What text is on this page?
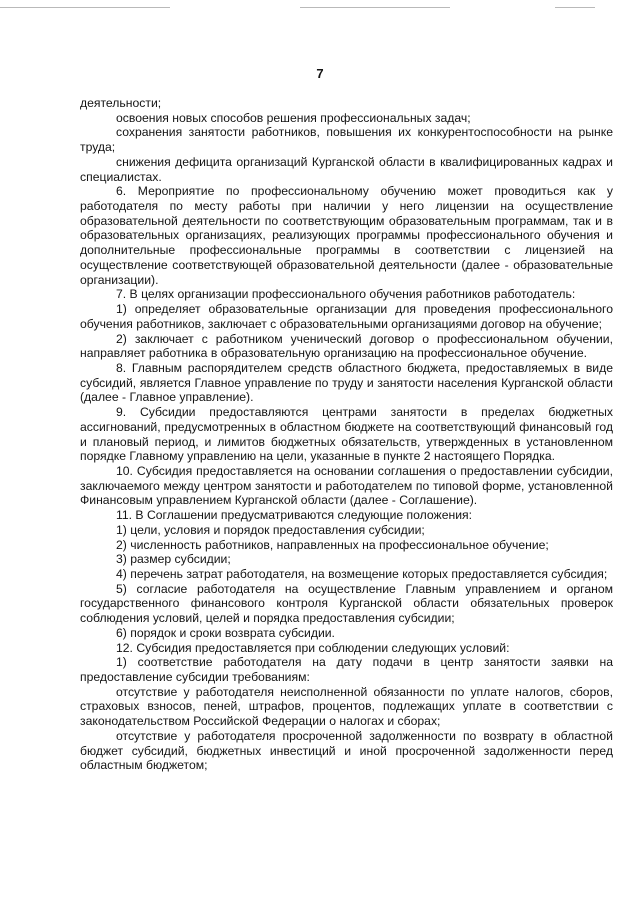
7

деятельности;

освоения новых способов решения профессиональных задач;

сохранения занятости работников, повышения их конкурентоспособности на рынке труда;

снижения дефицита организаций Курганской области в квалифицированных кадрах и специалистах.

6. Мероприятие по профессиональному обучению может проводиться как у работодателя по месту работы при наличии у него лицензии на осуществление образовательной деятельности по соответствующим образовательным программам, так и в образовательных организациях, реализующих программы профессионального обучения и дополнительные профессиональные программы в соответствии с лицензией на осуществление соответствующей образовательной деятельности (далее - образовательные организации).

7. В целях организации профессионального обучения работников работодатель:

1) определяет образовательные организации для проведения профессионального обучения работников, заключает с образовательными организациями договор на обучение;

2) заключает с работником ученический договор о профессиональном обучении, направляет работника в образовательную организацию на профессиональное обучение.

8. Главным распорядителем средств областного бюджета, предоставляемых в виде субсидий, является Главное управление по труду и занятости населения Курганской области (далее - Главное управление).

9. Субсидии предоставляются центрами занятости в пределах бюджетных ассигнований, предусмотренных в областном бюджете на соответствующий финансовый год и плановый период, и лимитов бюджетных обязательств, утвержденных в установленном порядке Главному управлению на цели, указанные в пункте 2 настоящего Порядка.

10. Субсидия предоставляется на основании соглашения о предоставлении субсидии, заключаемого между центром занятости и работодателем по типовой форме, установленной Финансовым управлением Курганской области (далее - Соглашение).

11. В Соглашении предусматриваются следующие положения:

1) цели, условия и порядок предоставления субсидии;

2) численность работников, направленных на профессиональное обучение;

3) размер субсидии;

4) перечень затрат работодателя, на возмещение которых предоставляется субсидия;

5) согласие работодателя на осуществление Главным управлением и органом государственного финансового контроля Курганской области обязательных проверок соблюдения условий, целей и порядка предоставления субсидии;

6) порядок и сроки возврата субсидии.

12. Субсидия предоставляется при соблюдении следующих условий:

1) соответствие работодателя на дату подачи в центр занятости заявки на предоставление субсидии требованиям:

отсутствие у работодателя неисполненной обязанности по уплате налогов, сборов, страховых взносов, пеней, штрафов, процентов, подлежащих уплате в соответствии с законодательством Российской Федерации о налогах и сборах;

отсутствие у работодателя просроченной задолженности по возврату в областной бюджет субсидий, бюджетных инвестиций и иной просроченной задолженности перед областным бюджетом;
